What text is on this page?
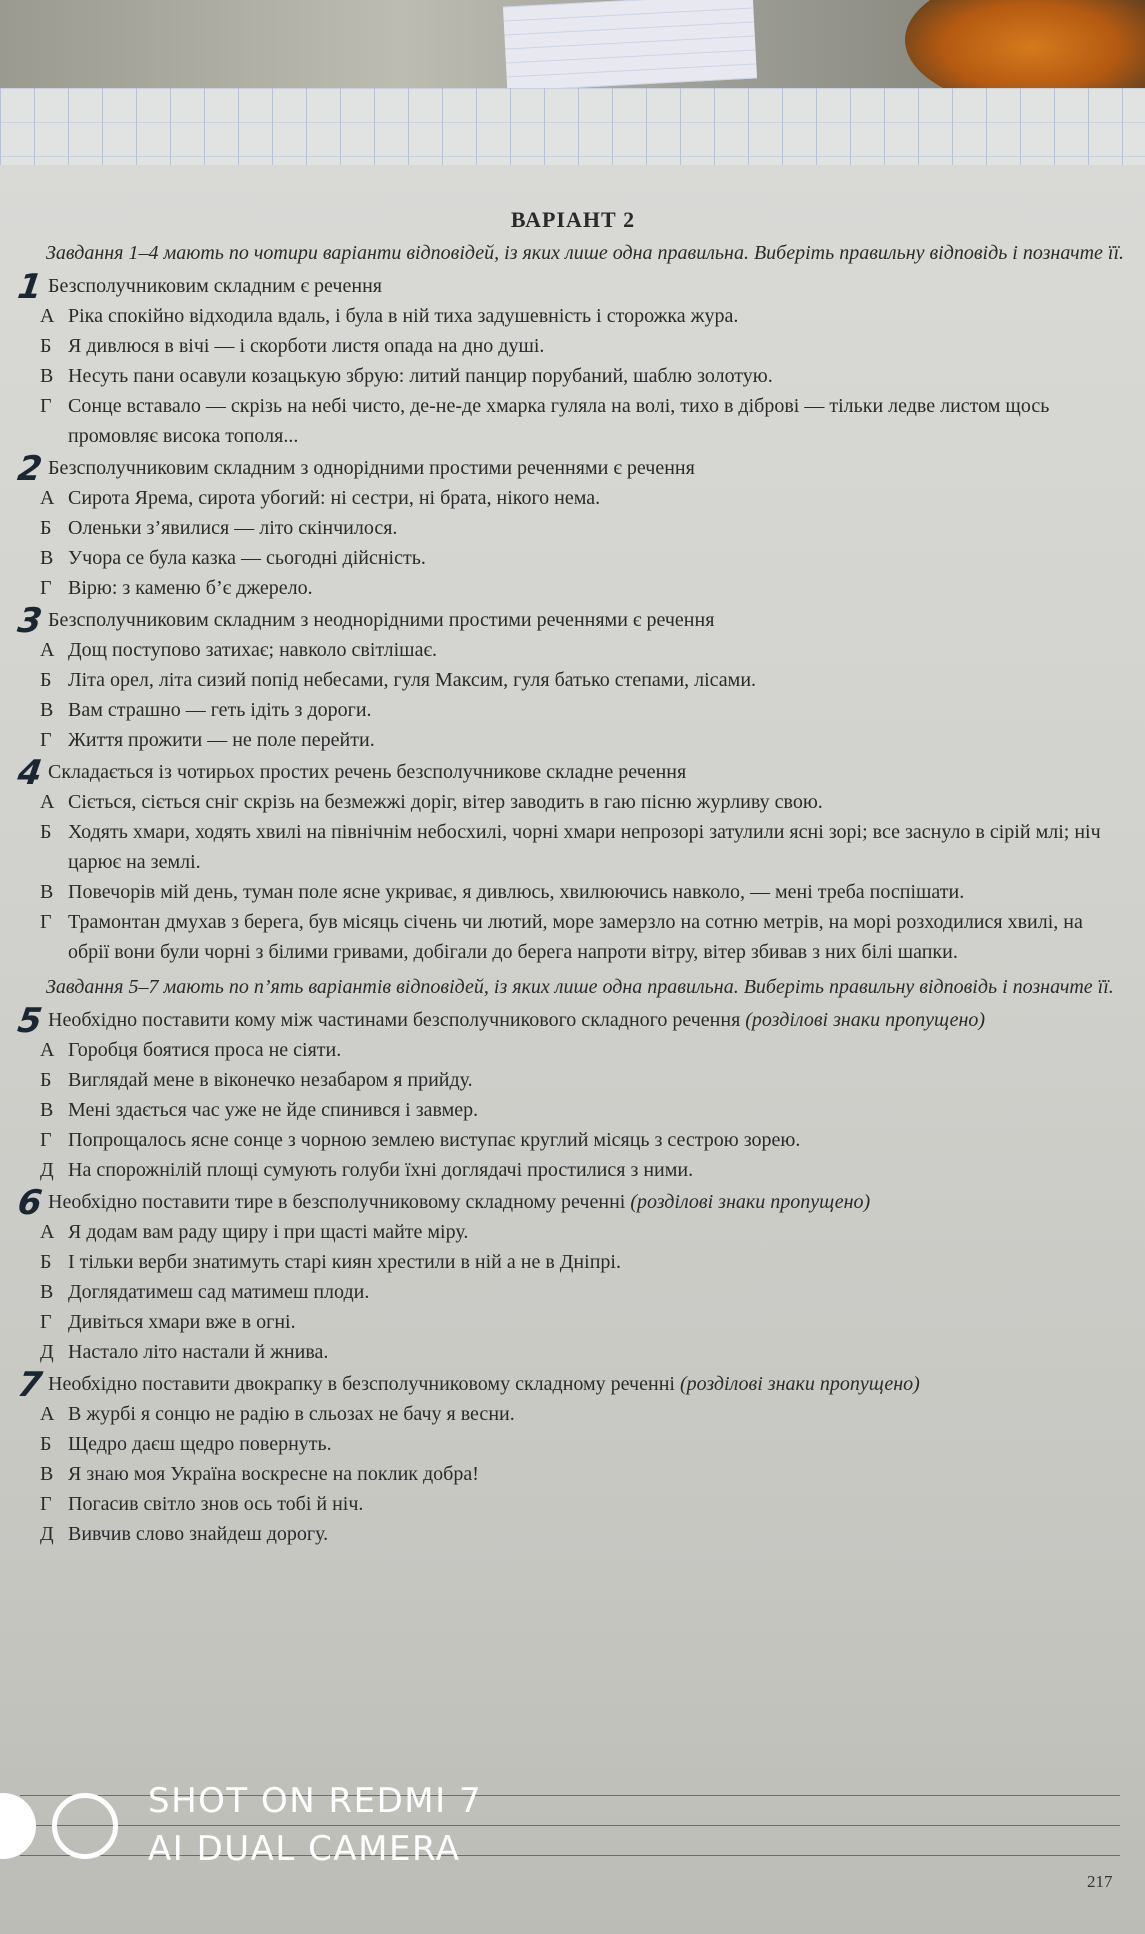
ВАРІАНТ 2
Завдання 1–4 мають по чотири варіанти відповідей, із яких лише одна правильна. Виберіть правильну відповідь і позначте її.
1 Безсполучниковим складним є речення
А Ріка спокійно відходила вдаль, і була в ній тиха задушевність і сторожка жура.
Б Я дивлюся в вічі — і скорботи листя опада на дно душі.
В Несуть пани осавули козацькую збрую: литий панцир порубаний, шаблю золотую.
Г Сонце вставало — скрізь на небі чисто, де-не-де хмарка гуляла на волі, тихо в діброві — тільки ледве листом щось промовляє висока тополя...
2 Безсполучниковим складним з однорідними простими реченнями є речення
А Сирота Ярема, сирота убогий: ні сестри, ні брата, нікого нема.
Б Оленьки з’явилися — літо скінчилося.
В Учора се була казка — сьогодні дійсність.
Г Вірю: з каменю б’є джерело.
3 Безсполучниковим складним з неоднорідними простими реченнями є речення
А Дощ поступово затихає; навколо світлішає.
Б Літа орел, літа сизий попід небесами, гуля Максим, гуля батько степами, лісами.
В Вам страшно — геть ідіть з дороги.
Г Життя прожити — не поле перейти.
4 Складається із чотирьох простих речень безсполучникове складне речення
А Сіється, сіється сніг скрізь на безмежжі доріг, вітер заводить в гаю пісню журливу свою.
Б Ходять хмари, ходять хвилі на північнім небосхилі, чорні хмари непрозорі затулили ясні зорі; все заснуло в сірій млі; ніч царює на землі.
В Повечорів мій день, туман поле ясне укриває, я дивлюсь, хвилюючись навколо, — мені треба поспішати.
Г Трамонтан дмухав з берега, був місяць січень чи лютий, море замерзло на сотню метрів, на морі розходилися хвилі, на обрії вони були чорні з білими гривами, добігали до берега напроти вітру, вітер збивав з них білі шапки.
Завдання 5–7 мають по п’ять варіантів відповідей, із яких лише одна правильна. Виберіть правильну відповідь і позначте її.
5 Необхідно поставити кому між частинами безсполучникового складного речення (розділові знаки пропущено)
А Горобця боятися проса не сіяти.
Б Виглядай мене в віконечко незабаром я прийду.
В Мені здається час уже не йде спинився і завмер.
Г Попрощалось ясне сонце з чорною землею виступає круглий місяць з сестрою зорею.
Д На спорожнілій площі сумують голуби їхні доглядачі простилися з ними.
6 Необхідно поставити тире в безсполучниковому складному реченні (розділові знаки пропущено)
А Я додам вам раду щиру і при щасті майте міру.
Б І тільки верби знатимуть старі киян хрестили в ній а не в Дніпрі.
В Доглядатимеш сад матимеш плоди.
Г Дивіться хмари вже в огні.
Д Настало літо настали й жнива.
7 Необхідно поставити двокрапку в безсполучниковому складному реченні (розділові знаки пропущено)
А В журбі я сонцю не радію в сльозах не бачу я весни.
Б Щедро даєш щедро повернуть.
В Я знаю моя Україна воскресне на поклик добра!
Г Погасив світло знов ось тобі й ніч.
Д Вивчив слово знайдеш дорогу.
SHOT ON REDMI 7
AI DUAL CAMERA
217
